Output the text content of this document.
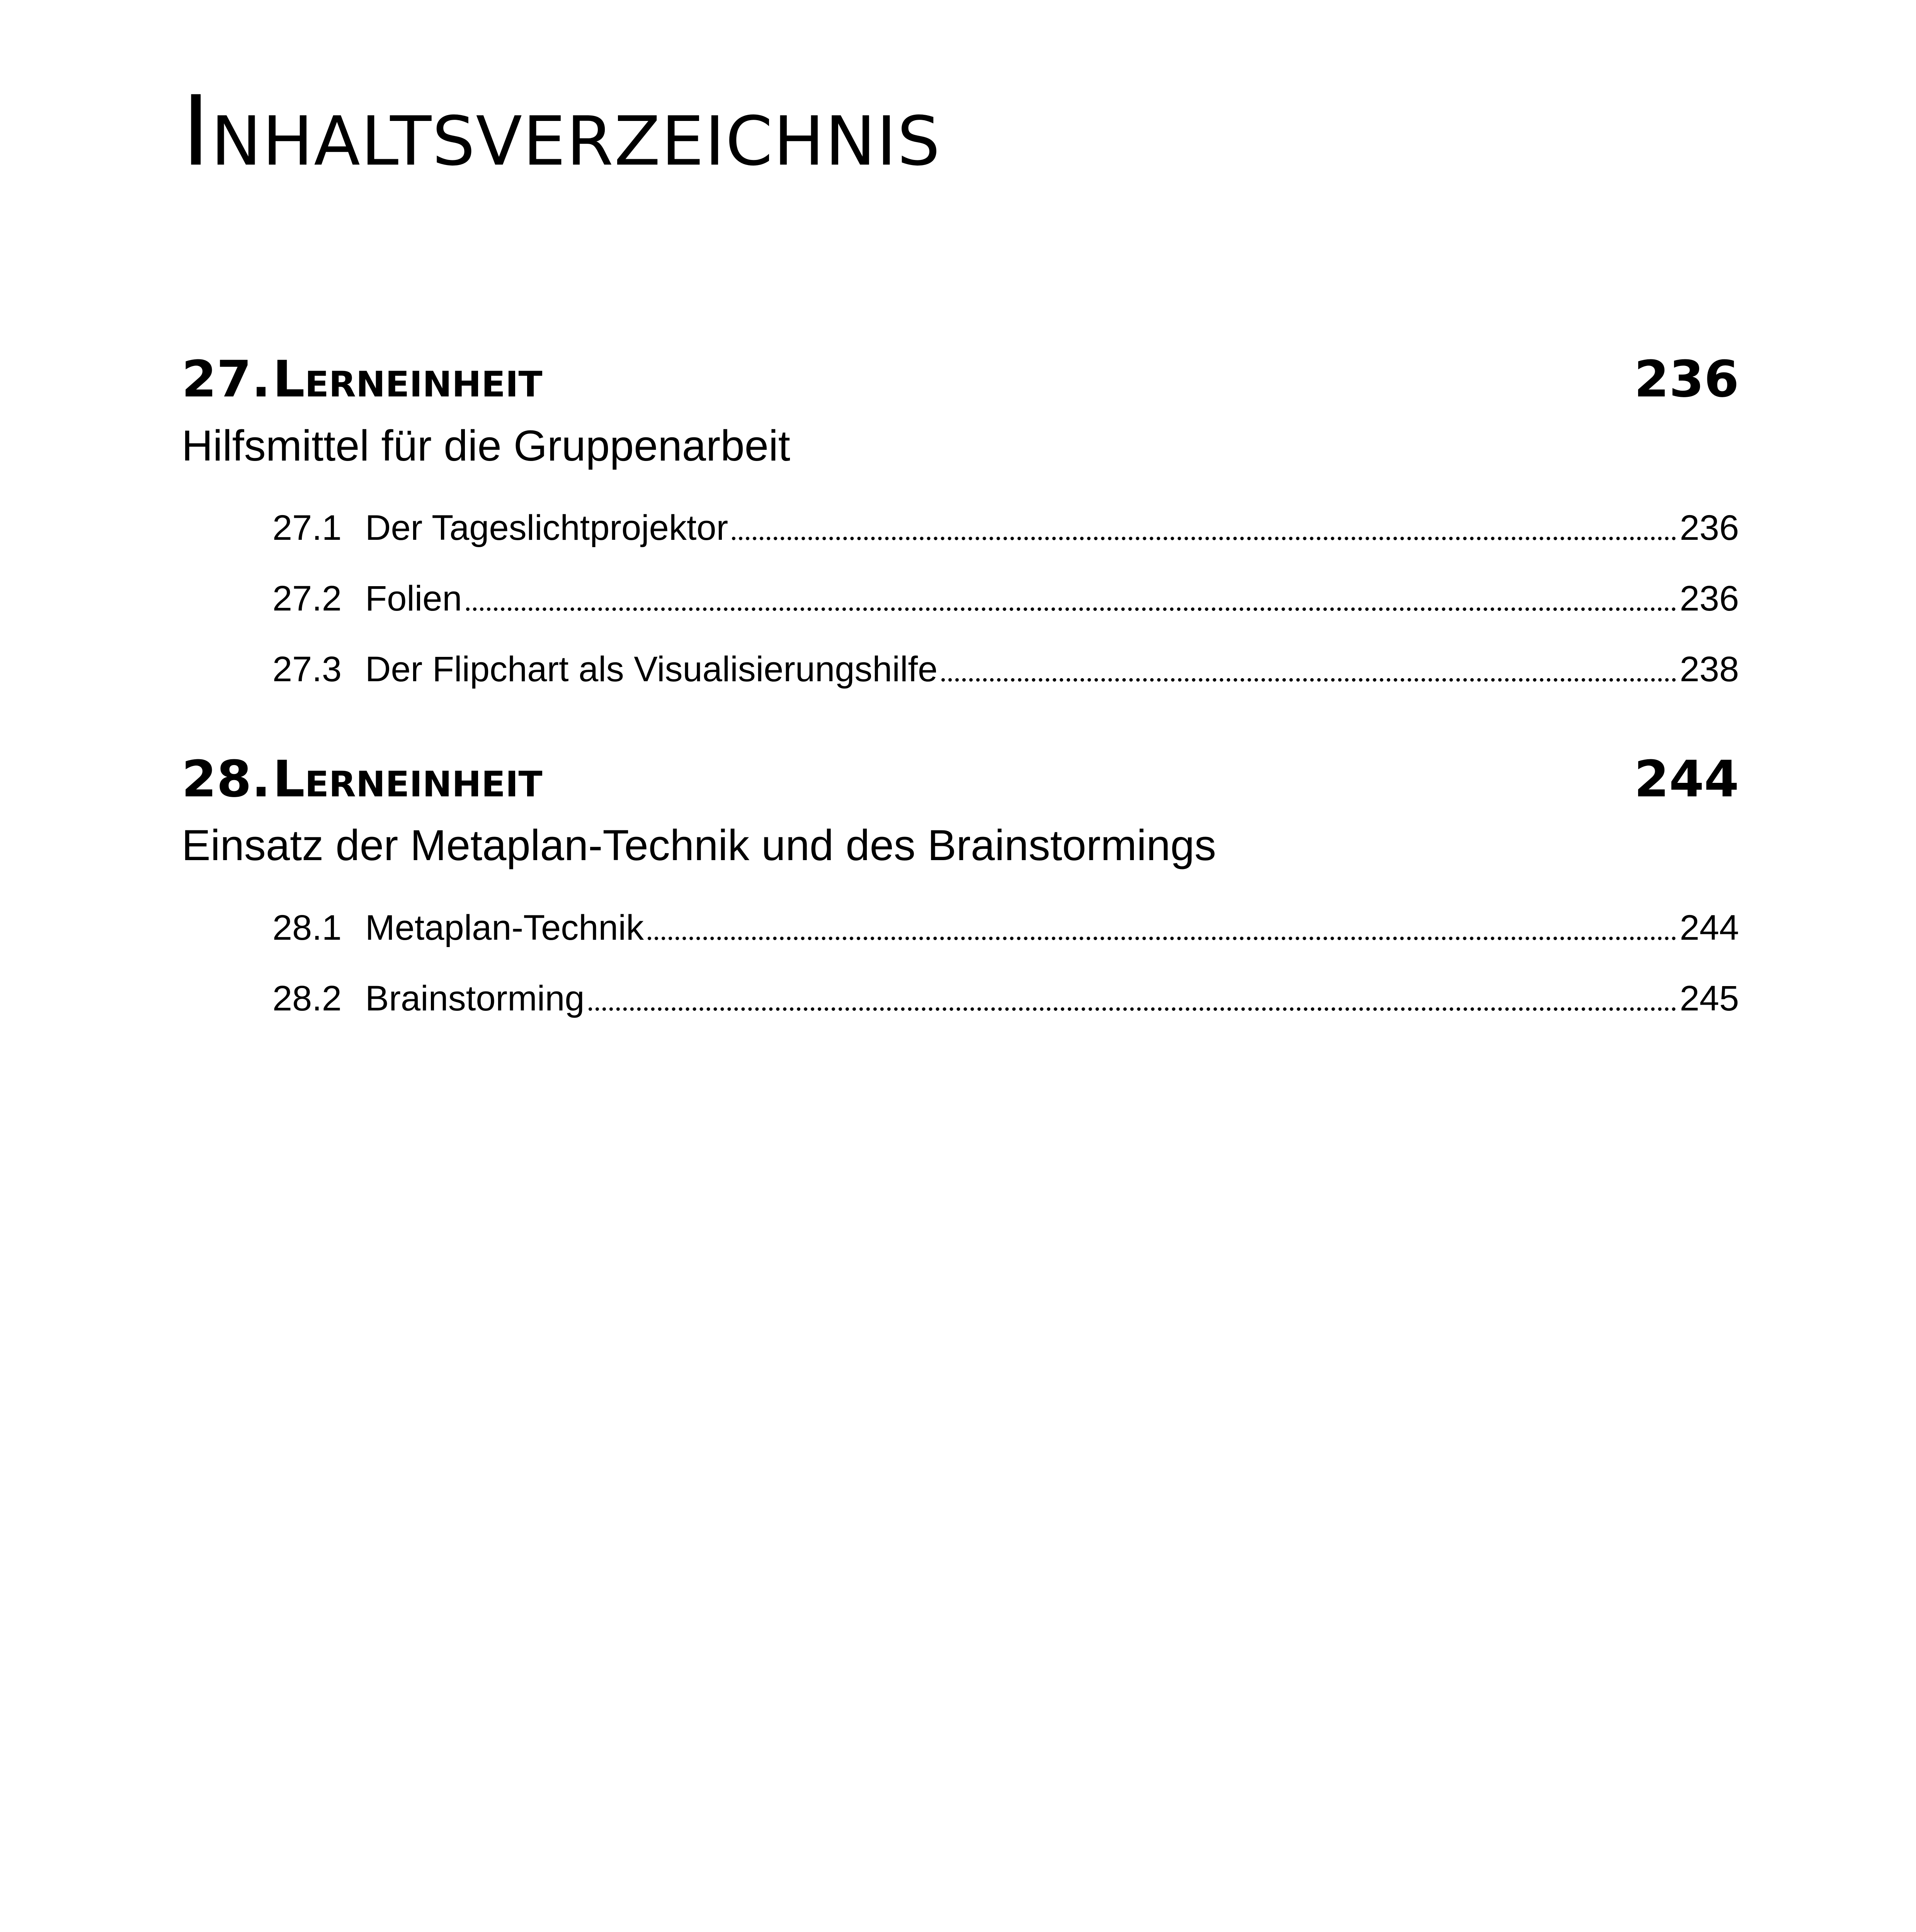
Inhaltsverzeichnis
27. Lerneinheit	236
Hilfsmittel für die Gruppenarbeit
27.1 Der Tageslichtprojektor	236
27.2 Folien	236
27.3 Der Flipchart als Visualisierungshilfe	238
28. Lerneinheit	244
Einsatz der Metaplan-Technik und des Brainstormings
28.1 Metaplan-Technik	244
28.2 Brainstorming	245
